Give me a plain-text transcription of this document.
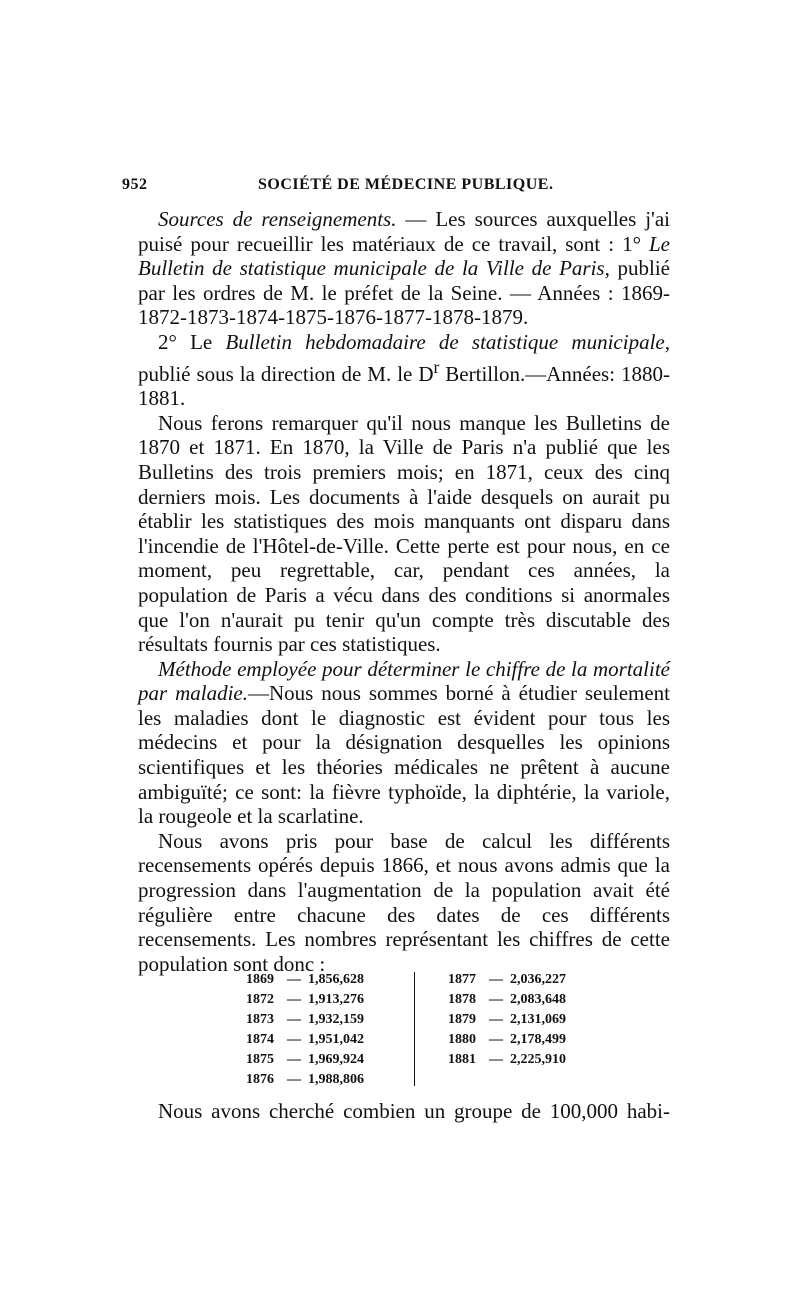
952	SOCIÉTÉ DE MÉDECINE PUBLIQUE.

Sources de renseignements. — Les sources auxquelles j'ai puisé pour recueillir les matériaux de ce travail, sont : 1° Le Bulletin de statistique municipale de la Ville de Paris, publié par les ordres de M. le préfet de la Seine. — Années : 1869- 1872-1873-1874-1875-1876-1877-1878-1879.

2° Le Bulletin hebdomadaire de statistique municipale, publié sous la direction de M. le $D^r$ Bertillon.—Années: 1880-1881.

Nous ferons remarquer qu'il nous manque les Bulletins de 1870 et 1871. En 1870, la Ville de Paris n'a publié que les Bulletins des trois premiers mois; en 1871, ceux des cinq derniers mois. Les documents à l'aide desquels on aurait pu établir les statistiques des mois manquants ont disparu dans l'incendie de l'Hôtel-de-Ville. Cette perte est pour nous, en ce moment, peu regrettable, car, pendant ces années, la population de Paris a vécu dans des conditions si anormales que l'on n'aurait pu tenir qu'un compte très discutable des résultats fournis par ces statistiques.

Méthode employée pour déterminer le chiffre de la mortalité par maladie.—Nous nous sommes borné à étudier seulement les maladies dont le diagnostic est évident pour tous les médecins et pour la désignation desquelles les opinions scientifiques et les théories médicales ne prêtent à aucune ambiguïté; ce sont: la fièvre typhoïde, la diphtérie, la variole, la rougeole et la scarlatine.

Nous avons pris pour base de calcul les différents recensements opérés depuis 1866, et nous avons admis que la progression dans l'augmentation de la population avait été régulière entre chacune des dates de ces différents recensements. Les nombres représentant les chiffres de cette population sont donc :

1869 — 1,856,628
1872 — 1,913,276
1873 — 1,932,159
1874 — 1,951,042
1875 — 1,969,924
1876 — 1,988,806
1877 — 2,036,227
1878 — 2,083,648
1879 — 2,131,069
1880 — 2,178,499
1881 — 2,225,910
Nous avons cherché combien un groupe de 100,000 habi-
